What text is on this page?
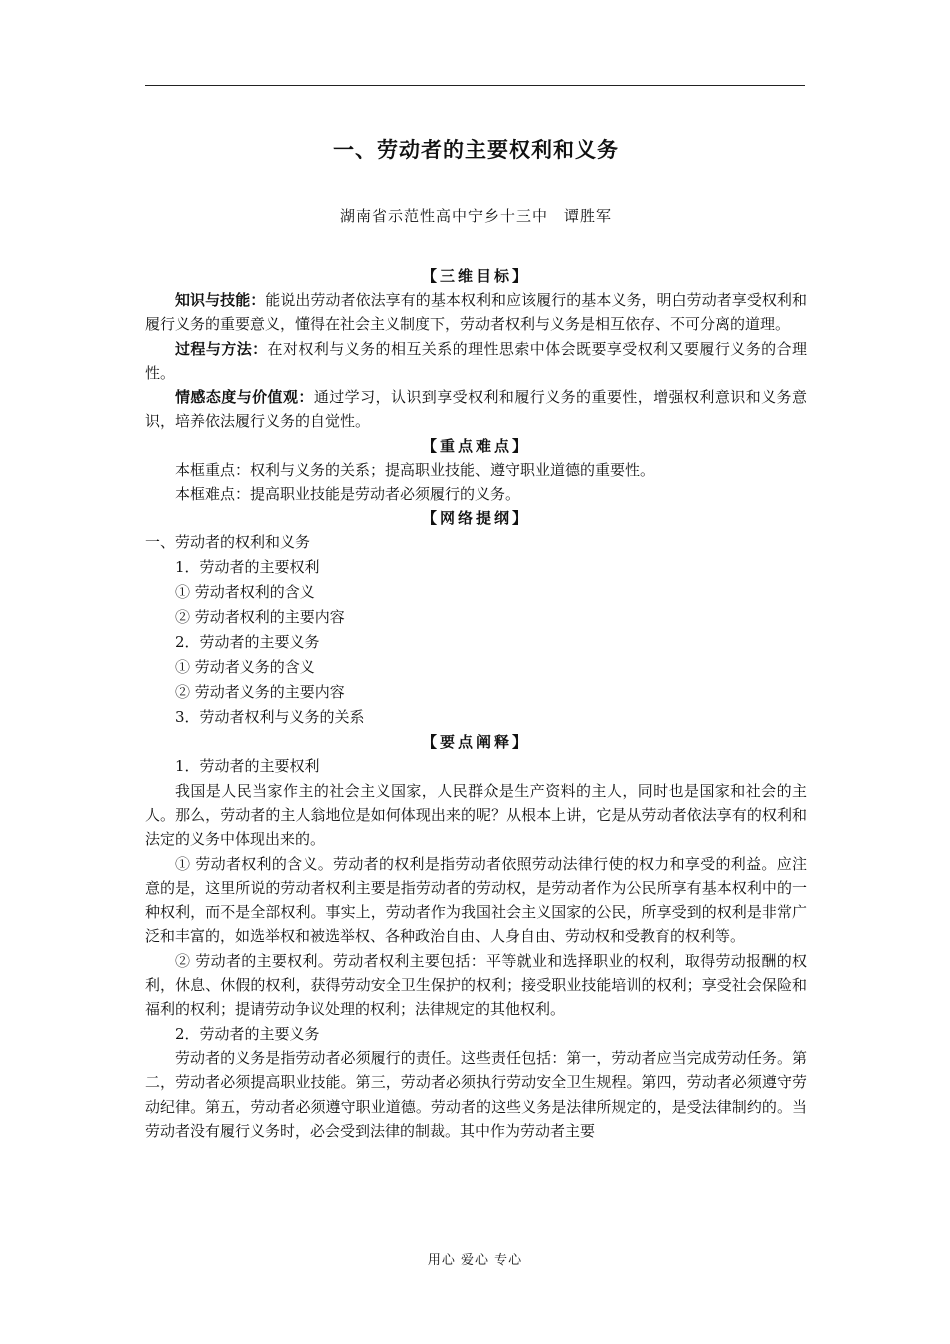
一、劳动者的主要权利和义务
湖南省示范性高中宁乡十三中　谭胜军
【三维目标】

知识与技能：能说出劳动者依法享有的基本权利和应该履行的基本义务，明白劳动者享受权利和履行义务的重要意义，懂得在社会主义制度下，劳动者权利与义务是相互依存、不可分离的道理。

过程与方法：在对权利与义务的相互关系的理性思索中体会既要享受权利又要履行义务的合理性。

情感态度与价值观：通过学习，认识到享受权利和履行义务的重要性，增强权利意识和义务意识，培养依法履行义务的自觉性。

【重点难点】

本框重点：权利与义务的关系；提高职业技能、遵守职业道德的重要性。

本框难点：提高职业技能是劳动者必须履行的义务。

【网络提纲】

一、劳动者的权利和义务

1．劳动者的主要权利

① 劳动者权利的含义

② 劳动者权利的主要内容

2．劳动者的主要义务

① 劳动者义务的含义

② 劳动者义务的主要内容

3．劳动者权利与义务的关系

【要点阐释】

1．劳动者的主要权利

我国是人民当家作主的社会主义国家，人民群众是生产资料的主人，同时也是国家和社会的主人。那么，劳动者的主人翁地位是如何体现出来的呢？从根本上讲，它是从劳动者依法享有的权利和法定的义务中体现出来的。

① 劳动者权利的含义。劳动者的权利是指劳动者依照劳动法律行使的权力和享受的利益。应注意的是，这里所说的劳动者权利主要是指劳动者的劳动权，是劳动者作为公民所享有基本权利中的一种权利，而不是全部权利。事实上，劳动者作为我国社会主义国家的公民，所享受到的权利是非常广泛和丰富的，如选举权和被选举权、各种政治自由、人身自由、劳动权和受教育的权利等。

② 劳动者的主要权利。劳动者权利主要包括：平等就业和选择职业的权利，取得劳动报酬的权利，休息、休假的权利，获得劳动安全卫生保护的权利；接受职业技能培训的权利；享受社会保险和福利的权利；提请劳动争议处理的权利；法律规定的其他权利。

2．劳动者的主要义务

劳动者的义务是指劳动者必须履行的责任。这些责任包括：第一，劳动者应当完成劳动任务。第二，劳动者必须提高职业技能。第三，劳动者必须执行劳动安全卫生规程。第四，劳动者必须遵守劳动纪律。第五，劳动者必须遵守职业道德。劳动者的这些义务是法律所规定的，是受法律制约的。当劳动者没有履行义务时，必会受到法律的制裁。其中作为劳动者主要

用心 爱心 专心
